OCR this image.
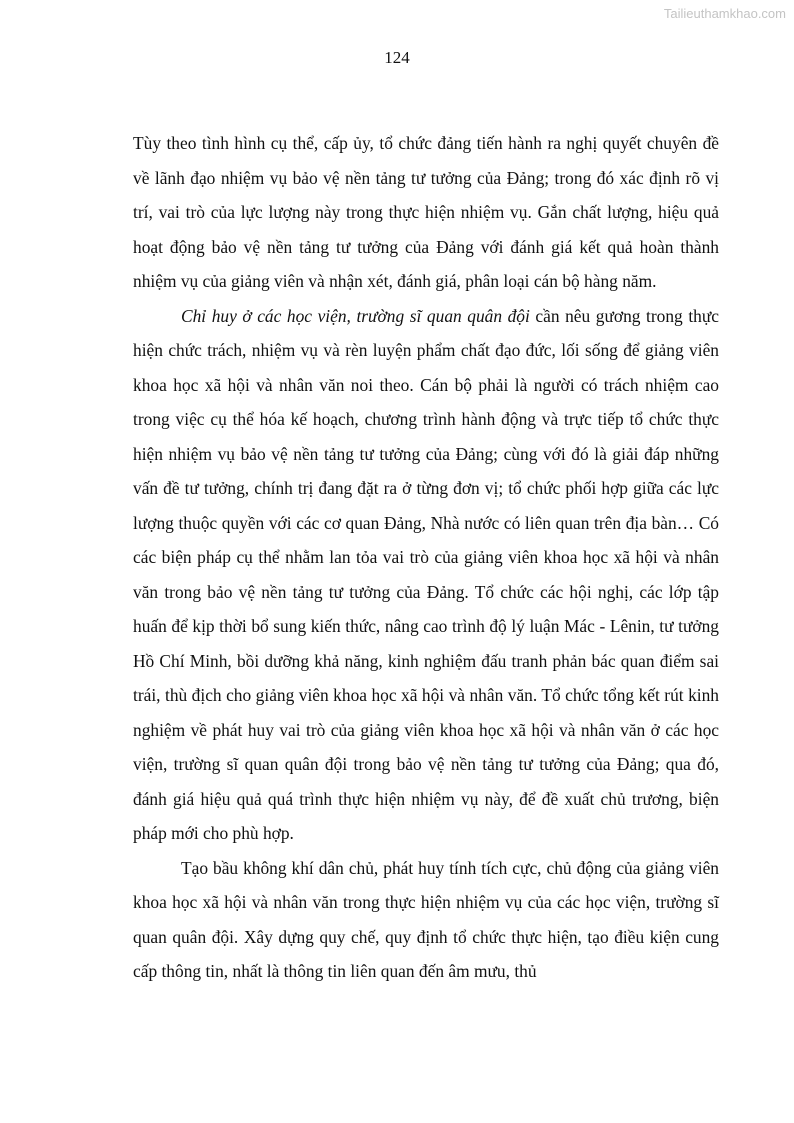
Tailieuthamkhao.com
124

Tùy theo tình hình cụ thể, cấp ủy, tổ chức đảng tiến hành ra nghị quyết chuyên đề về lãnh đạo nhiệm vụ bảo vệ nền tảng tư tưởng của Đảng; trong đó xác định rõ vị trí, vai trò của lực lượng này trong thực hiện nhiệm vụ. Gắn chất lượng, hiệu quả hoạt động bảo vệ nền tảng tư tưởng của Đảng với đánh giá kết quả hoàn thành nhiệm vụ của giảng viên và nhận xét, đánh giá, phân loại cán bộ hàng năm.

Chỉ huy ở các học viện, trường sĩ quan quân đội cần nêu gương trong thực hiện chức trách, nhiệm vụ và rèn luyện phẩm chất đạo đức, lối sống để giảng viên khoa học xã hội và nhân văn noi theo. Cán bộ phải là người có trách nhiệm cao trong việc cụ thể hóa kế hoạch, chương trình hành động và trực tiếp tổ chức thực hiện nhiệm vụ bảo vệ nền tảng tư tưởng của Đảng; cùng với đó là giải đáp những vấn đề tư tưởng, chính trị đang đặt ra ở từng đơn vị; tổ chức phối hợp giữa các lực lượng thuộc quyền với các cơ quan Đảng, Nhà nước có liên quan trên địa bàn… Có các biện pháp cụ thể nhằm lan tỏa vai trò của giảng viên khoa học xã hội và nhân văn trong bảo vệ nền tảng tư tưởng của Đảng. Tổ chức các hội nghị, các lớp tập huấn để kịp thời bổ sung kiến thức, nâng cao trình độ lý luận Mác - Lênin, tư tưởng Hồ Chí Minh, bồi dưỡng khả năng, kinh nghiệm đấu tranh phản bác quan điểm sai trái, thù địch cho giảng viên khoa học xã hội và nhân văn. Tổ chức tổng kết rút kinh nghiệm về phát huy vai trò của giảng viên khoa học xã hội và nhân văn ở các học viện, trường sĩ quan quân đội trong bảo vệ nền tảng tư tưởng của Đảng; qua đó, đánh giá hiệu quả quá trình thực hiện nhiệm vụ này, để đề xuất chủ trương, biện pháp mới cho phù hợp.

Tạo bầu không khí dân chủ, phát huy tính tích cực, chủ động của giảng viên khoa học xã hội và nhân văn trong thực hiện nhiệm vụ của các học viện, trường sĩ quan quân đội. Xây dựng quy chế, quy định tổ chức thực hiện, tạo điều kiện cung cấp thông tin, nhất là thông tin liên quan đến âm mưu, thủ
